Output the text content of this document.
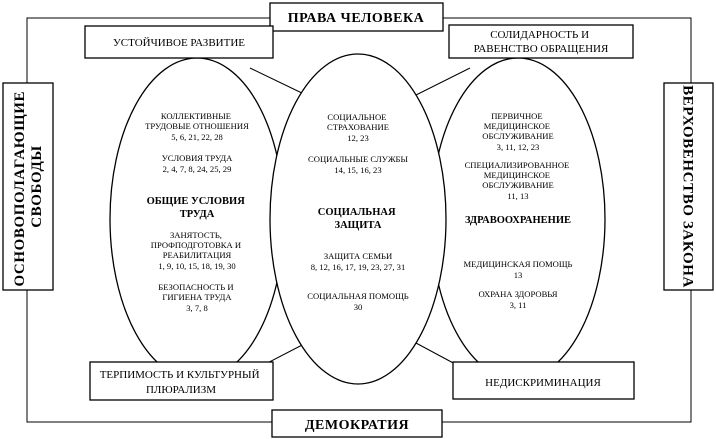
ПРАВА ЧЕЛОВЕКА
ДЕМОКРАТИЯ
ОСНОВОПОЛАГАЮЩИЕ СВОБОДЫ	ВЕРХОВЕНСТВО ЗАКОНА
УСТОЙЧИВОЕ РАЗВИТИЕ
СОЛИДАРНОСТЬ И РАВЕНСТВО ОБРАЩЕНИЯ
ТЕРПИМОСТЬ И КУЛЬТУРНЫЙ ПЛЮРАЛИЗМ
НЕДИСКРИМИНАЦИЯ
КОЛЛЕКТИВНЫЕ ТРУДОВЫЕ ОТНОШЕНИЯ
5, 6, 21, 22, 28
УСЛОВИЯ ТРУДА
2, 4, 7, 8, 24, 25, 29
ОБЩИЕ УСЛОВИЯ ТРУДА
ЗАНЯТОСТЬ, ПРОФПОДГОТОВКА И РЕАБИЛИТАЦИЯ
1, 9, 10, 15, 18, 19, 30
БЕЗОПАСНОСТЬ И ГИГИЕНА ТРУДА
3, 7, 8
СОЦИАЛЬНОЕ СТРАХОВАНИЕ
12, 23
СОЦИАЛЬНЫЕ СЛУЖБЫ
14, 15, 16, 23
СОЦИАЛЬНАЯ ЗАЩИТА
ЗАЩИТА СЕМЬИ
8, 12, 16, 17, 19, 23, 27, 31
СОЦИАЛЬНАЯ ПОМОЩЬ
30
ПЕРВИЧНОЕ МЕДИЦИНСКОЕ ОБСЛУЖИВАНИЕ
3, 11, 12, 23
СПЕЦИАЛИЗИРОВАННОЕ МЕДИЦИНСКОЕ ОБСЛУЖИВАНИЕ
11, 13
ЗДРАВООХРАНЕНИЕ
МЕДИЦИНСКАЯ ПОМОЩЬ
13
ОХРАНА ЗДОРОВЬЯ
3, 11
